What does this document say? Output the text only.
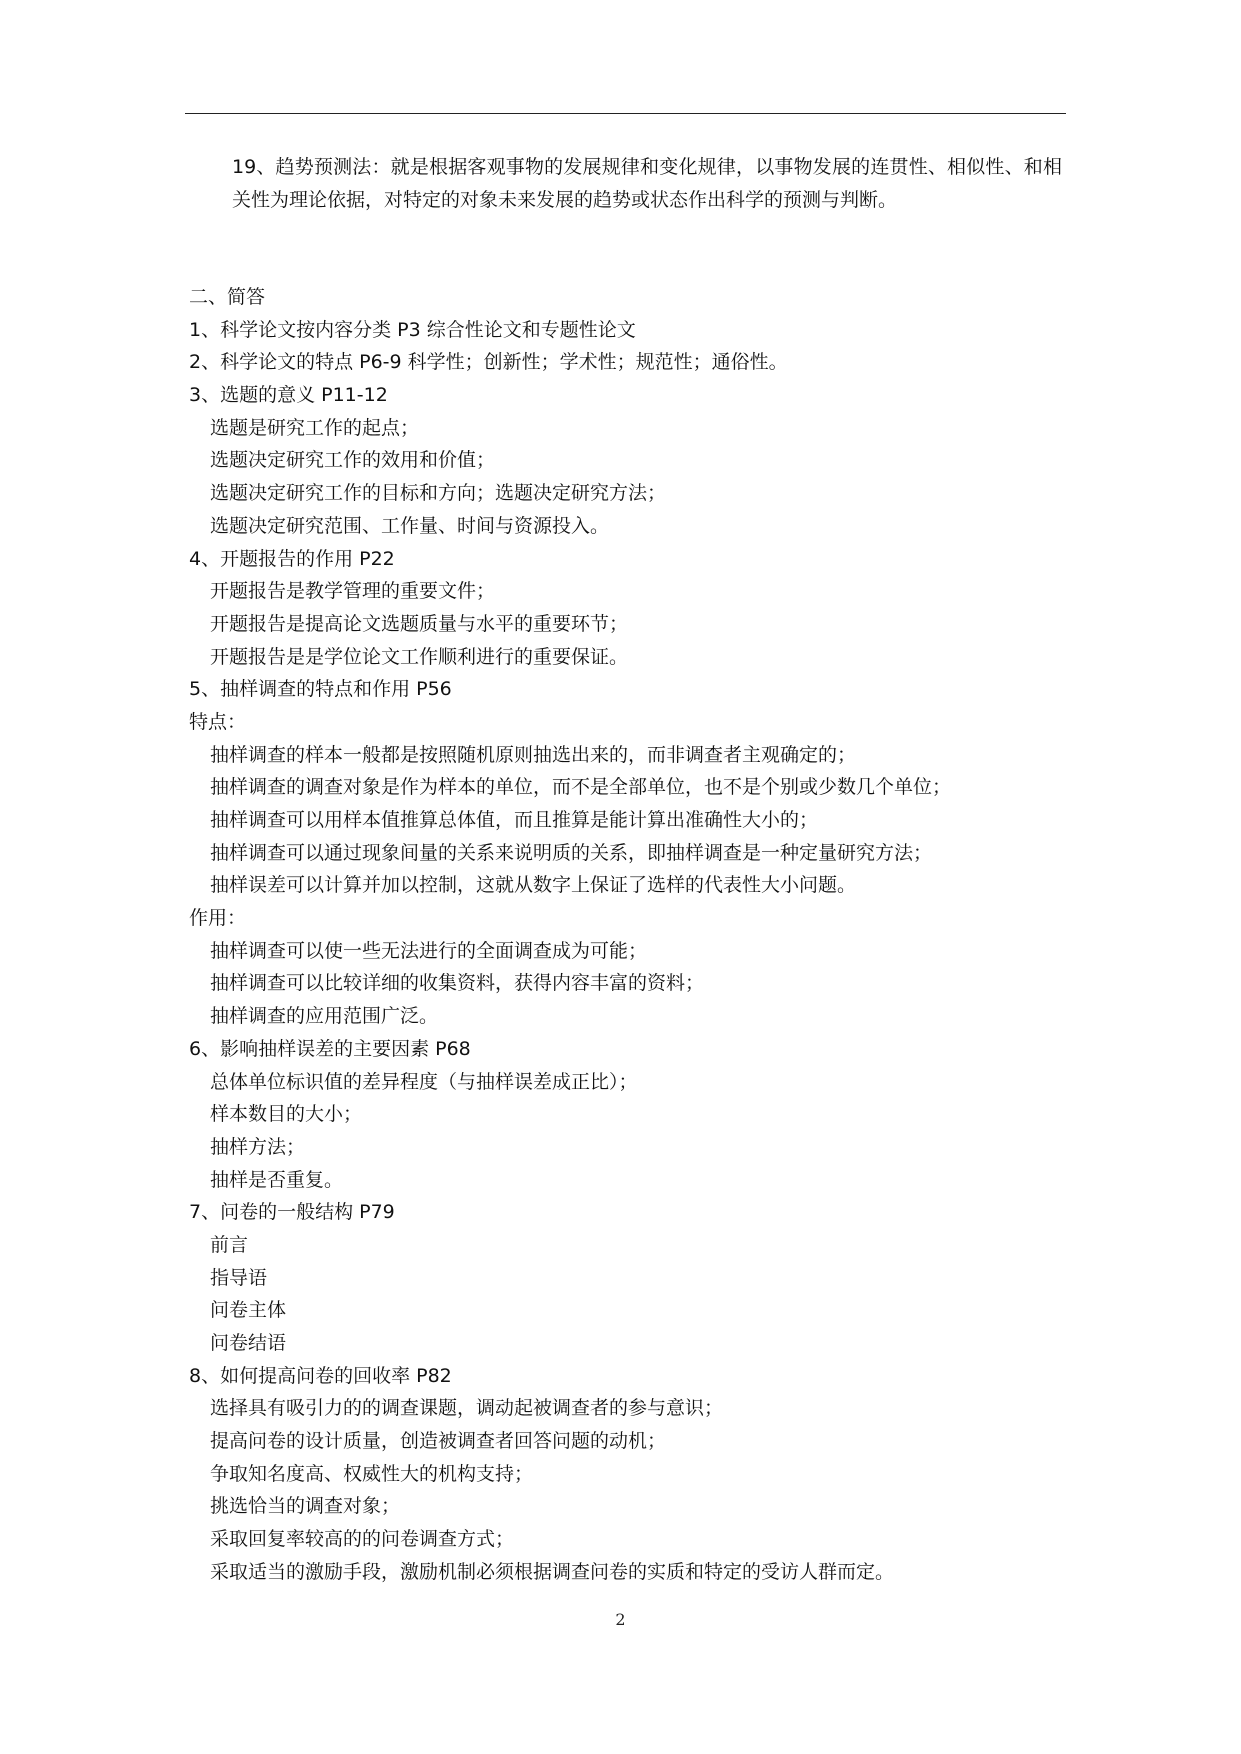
19、趋势预测法：就是根据客观事物的发展规律和变化规律，以事物发展的连贯性、相似性、和相关性为理论依据，对特定的对象未来发展的趋势或状态作出科学的预测与判断。
二、简答
1、科学论文按内容分类 P3 综合性论文和专题性论文
2、科学论文的特点 P6-9 科学性；创新性；学术性；规范性；通俗性。
3、选题的意义 P11-12
选题是研究工作的起点；
选题决定研究工作的效用和价值；
选题决定研究工作的目标和方向；选题决定研究方法；
选题决定研究范围、工作量、时间与资源投入。
4、开题报告的作用 P22
开题报告是教学管理的重要文件；
开题报告是提高论文选题质量与水平的重要环节；
开题报告是是学位论文工作顺利进行的重要保证。
5、抽样调查的特点和作用 P56
特点：
抽样调查的样本一般都是按照随机原则抽选出来的，而非调查者主观确定的；
抽样调查的调查对象是作为样本的单位，而不是全部单位，也不是个别或少数几个单位；
抽样调查可以用样本值推算总体值，而且推算是能计算出准确性大小的；
抽样调查可以通过现象间量的关系来说明质的关系，即抽样调查是一种定量研究方法；
抽样误差可以计算并加以控制，这就从数字上保证了选样的代表性大小问题。
作用：
抽样调查可以使一些无法进行的全面调查成为可能；
抽样调查可以比较详细的收集资料，获得内容丰富的资料；
抽样调查的应用范围广泛。
6、影响抽样误差的主要因素 P68
总体单位标识值的差异程度（与抽样误差成正比）；
样本数目的大小；
抽样方法；
抽样是否重复。
7、问卷的一般结构 P79
前言
指导语
问卷主体
问卷结语
8、如何提高问卷的回收率 P82
选择具有吸引力的的调查课题，调动起被调查者的参与意识；
提高问卷的设计质量，创造被调查者回答问题的动机；
争取知名度高、权威性大的机构支持；
挑选恰当的调查对象；
采取回复率较高的的问卷调查方式；
采取适当的激励手段，激励机制必须根据调查问卷的实质和特定的受访人群而定。
2
